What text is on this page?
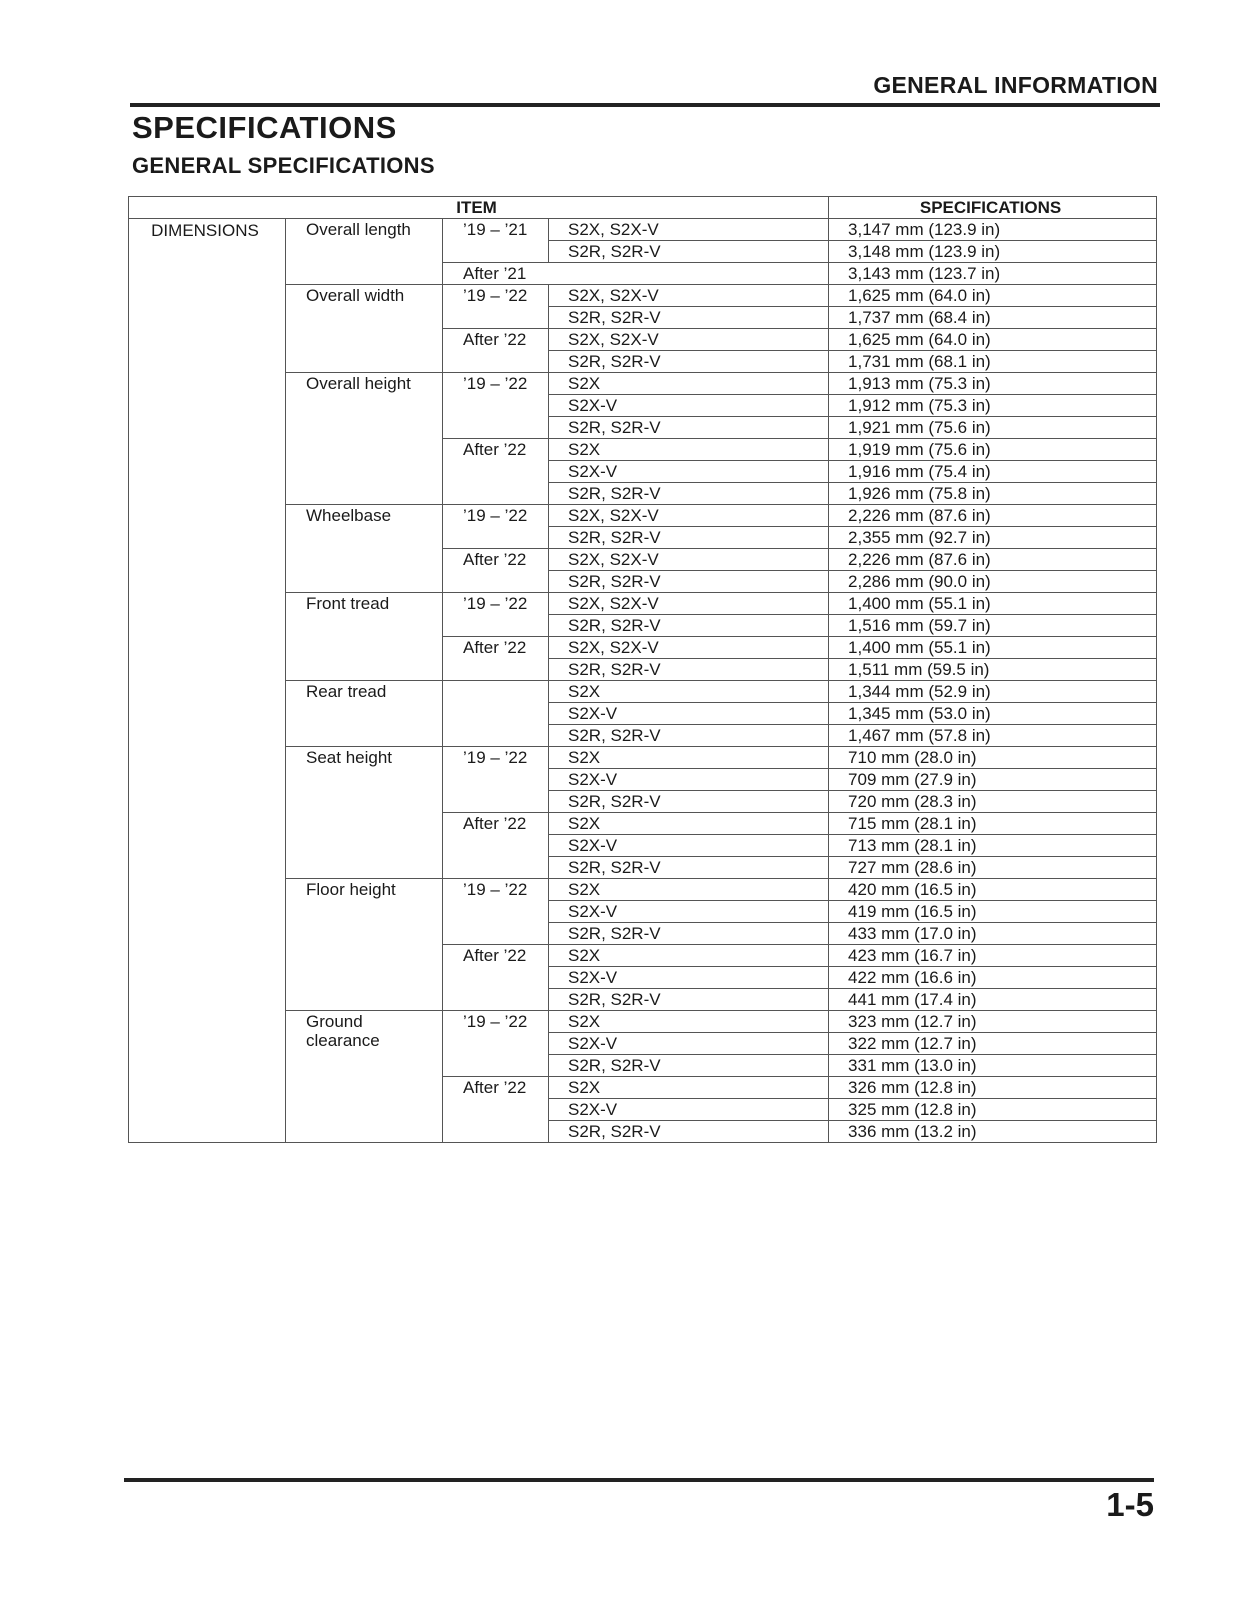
GENERAL INFORMATION
SPECIFICATIONS
GENERAL SPECIFICATIONS
ITEM				SPECIFICATIONS
DIMENSIONS	Overall length	’19 – ’21	S2X, S2X-V	3,147 mm (123.9 in)
			S2R, S2R-V	3,148 mm (123.9 in)
		After ’21		3,143 mm (123.7 in)
	Overall width	’19 – ’22	S2X, S2X-V	1,625 mm (64.0 in)
			S2R, S2R-V	1,737 mm (68.4 in)
		After ’22	S2X, S2X-V	1,625 mm (64.0 in)
			S2R, S2R-V	1,731 mm (68.1 in)
	Overall height	’19 – ’22	S2X	1,913 mm (75.3 in)
			S2X-V	1,912 mm (75.3 in)
			S2R, S2R-V	1,921 mm (75.6 in)
		After ’22	S2X	1,919 mm (75.6 in)
			S2X-V	1,916 mm (75.4 in)
			S2R, S2R-V	1,926 mm (75.8 in)
	Wheelbase	’19 – ’22	S2X, S2X-V	2,226 mm (87.6 in)
			S2R, S2R-V	2,355 mm (92.7 in)
		After ’22	S2X, S2X-V	2,226 mm (87.6 in)
			S2R, S2R-V	2,286 mm (90.0 in)
	Front tread	’19 – ’22	S2X, S2X-V	1,400 mm (55.1 in)
			S2R, S2R-V	1,516 mm (59.7 in)
		After ’22	S2X, S2X-V	1,400 mm (55.1 in)
			S2R, S2R-V	1,511 mm (59.5 in)
	Rear tread		S2X	1,344 mm (52.9 in)
			S2X-V	1,345 mm (53.0 in)
			S2R, S2R-V	1,467 mm (57.8 in)
	Seat height	’19 – ’22	S2X	710 mm (28.0 in)
			S2X-V	709 mm (27.9 in)
			S2R, S2R-V	720 mm (28.3 in)
		After ’22	S2X	715 mm (28.1 in)
			S2X-V	713 mm (28.1 in)
			S2R, S2R-V	727 mm (28.6 in)
	Floor height	’19 – ’22	S2X	420 mm (16.5 in)
			S2X-V	419 mm (16.5 in)
			S2R, S2R-V	433 mm (17.0 in)
		After ’22	S2X	423 mm (16.7 in)
			S2X-V	422 mm (16.6 in)
			S2R, S2R-V	441 mm (17.4 in)
	Ground clearance	’19 – ’22	S2X	323 mm (12.7 in)
			S2X-V	322 mm (12.7 in)
			S2R, S2R-V	331 mm (13.0 in)
		After ’22	S2X	326 mm (12.8 in)
			S2X-V	325 mm (12.8 in)
			S2R, S2R-V	336 mm (13.2 in)
1-5
